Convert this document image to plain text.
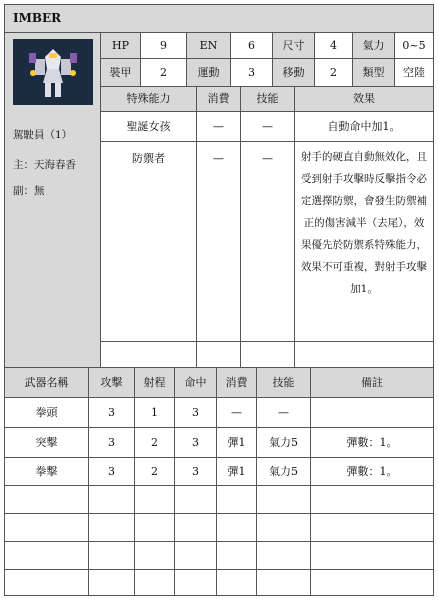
IMBER
駕駛員（1）
主：天海春香
副：無
HP	9	EN	6	尺寸	4	氣力	0~5
裝甲	2	運動	3	移動	2	類型	空陸
特殊能力	消費	技能	效果
聖誕女孩	—	—	自動命中加1。
防禦者	—	—	射手的硬直自動無效化，且受到射手攻擊時反擊指令必定選擇防禦，會發生防禦補正的傷害減半（去尾），效果優先於防禦系特殊能力，效果不可重複，對射手攻擊加1。
武器名稱	攻擊	射程	命中	消費	技能	備註
拳頭	3	1	3	—	—
突擊	3	2	3	彈1	氣力5	彈數：1。
拳擊	3	2	3	彈1	氣力5	彈數：1。
